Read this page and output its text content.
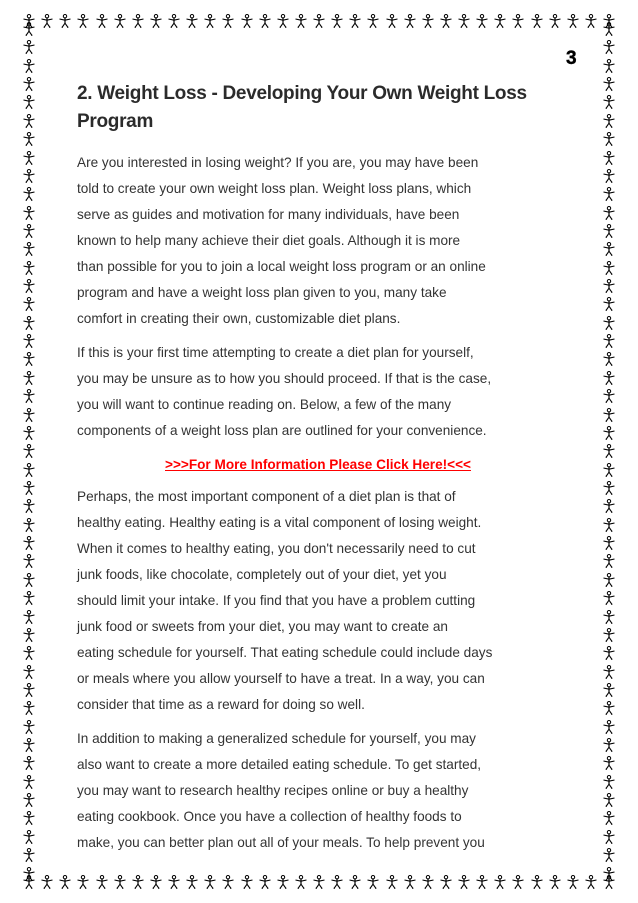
3
2. Weight Loss - Developing Your Own Weight Loss
Program

Are you interested in losing weight? If you are, you may have been
told to create your own weight loss plan. Weight loss plans, which
serve as guides and motivation for many individuals, have been
known to help many achieve their diet goals. Although it is more
than possible for you to join a local weight loss program or an online
program and have a weight loss plan given to you, many take
comfort in creating their own, customizable diet plans.

If this is your first time attempting to create a diet plan for yourself,
you may be unsure as to how you should proceed. If that is the case,
you will want to continue reading on. Below, a few of the many
components of a weight loss plan are outlined for your convenience.

>>>For More Information Please Click Here!<<<

Perhaps, the most important component of a diet plan is that of
healthy eating. Healthy eating is a vital component of losing weight.
When it comes to healthy eating, you don't necessarily need to cut
junk foods, like chocolate, completely out of your diet, yet you
should limit your intake. If you find that you have a problem cutting
junk food or sweets from your diet, you may want to create an
eating schedule for yourself. That eating schedule could include days
or meals where you allow yourself to have a treat. In a way, you can
consider that time as a reward for doing so well.

In addition to making a generalized schedule for yourself, you may
also want to create a more detailed eating schedule. To get started,
you may want to research healthy recipes online or buy a healthy
eating cookbook. Once you have a collection of healthy foods to
make, you can better plan out all of your meals. To help prevent you
